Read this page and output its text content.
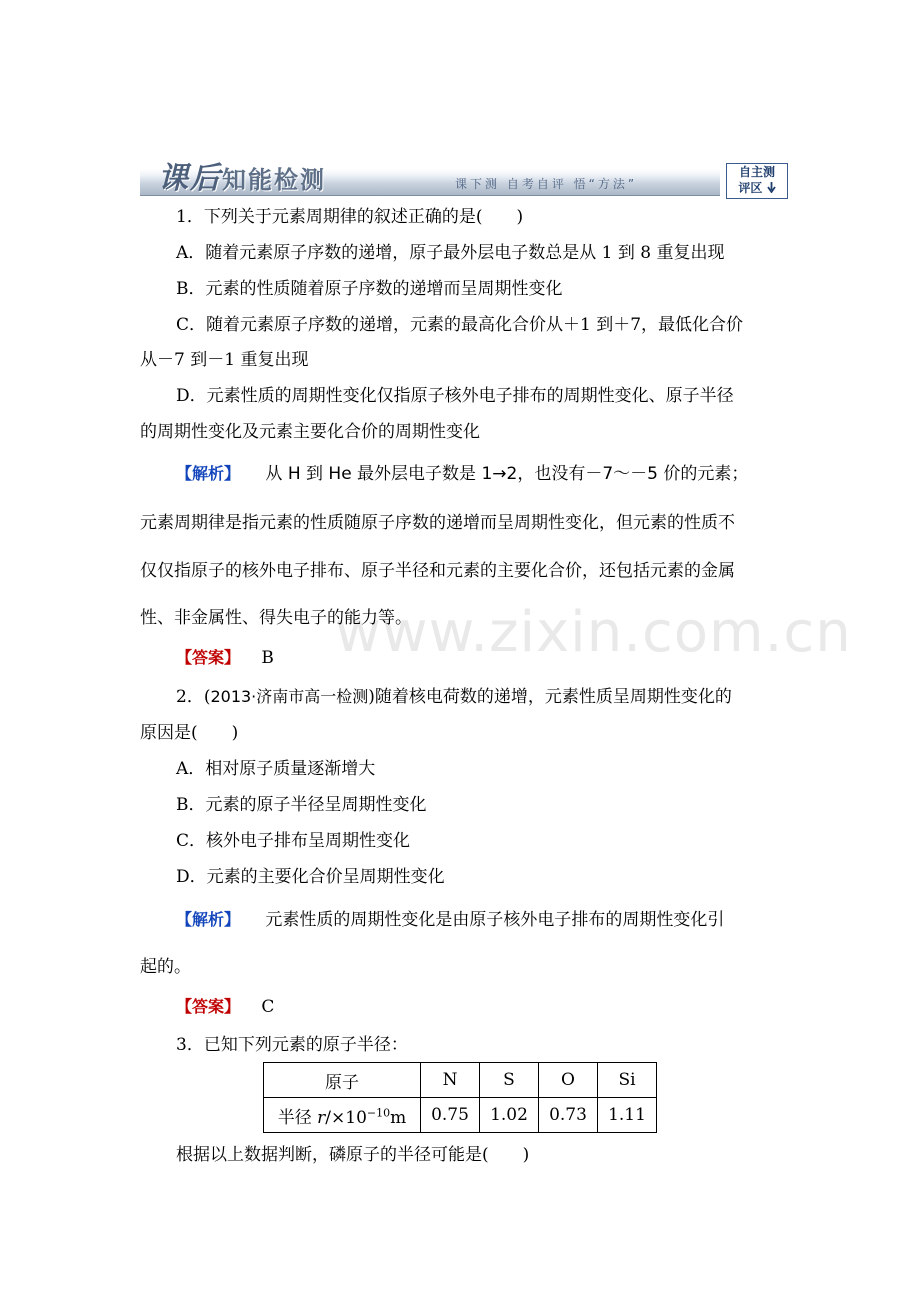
课后知能检测	课下测 自考自评 悟“方法”
自主测
评区
www.zixin.com.cn
1．下列关于元素周期律的叙述正确的是(　　)
A．随着元素原子序数的递增，原子最外层电子数总是从 1 到 8 重复出现
B．元素的性质随着原子序数的递增而呈周期性变化
C．随着元素原子序数的递增，元素的最高化合价从＋1 到＋7，最低化合价
从－7 到－1 重复出现
D．元素性质的周期性变化仅指原子核外电子排布的周期性变化、原子半径
的周期性变化及元素主要化合价的周期性变化
【解析】 从 H 到 He 最外层电子数是 1→2，也没有－7～－5 价的元素；
元素周期律是指元素的性质随原子序数的递增而呈周期性变化，但元素的性质不
仅仅指原子的核外电子排布、原子半径和元素的主要化合价，还包括元素的金属
性、非金属性、得失电子的能力等。
【答案】 B
2．(2013·济南市高一检测)随着核电荷数的递增，元素性质呈周期性变化的
原因是(　　)
A．相对原子质量逐渐增大
B．元素的原子半径呈周期性变化
C．核外电子排布呈周期性变化
D．元素的主要化合价呈周期性变化
【解析】 元素性质的周期性变化是由原子核外电子排布的周期性变化引
起的。
【答案】 C
3．已知下列元素的原子半径：
原子	N	S	O	Si
半径 $r/\times 10^{-10}m$	0.75	1.02	0.73	1.11
根据以上数据判断，磷原子的半径可能是(　　)
